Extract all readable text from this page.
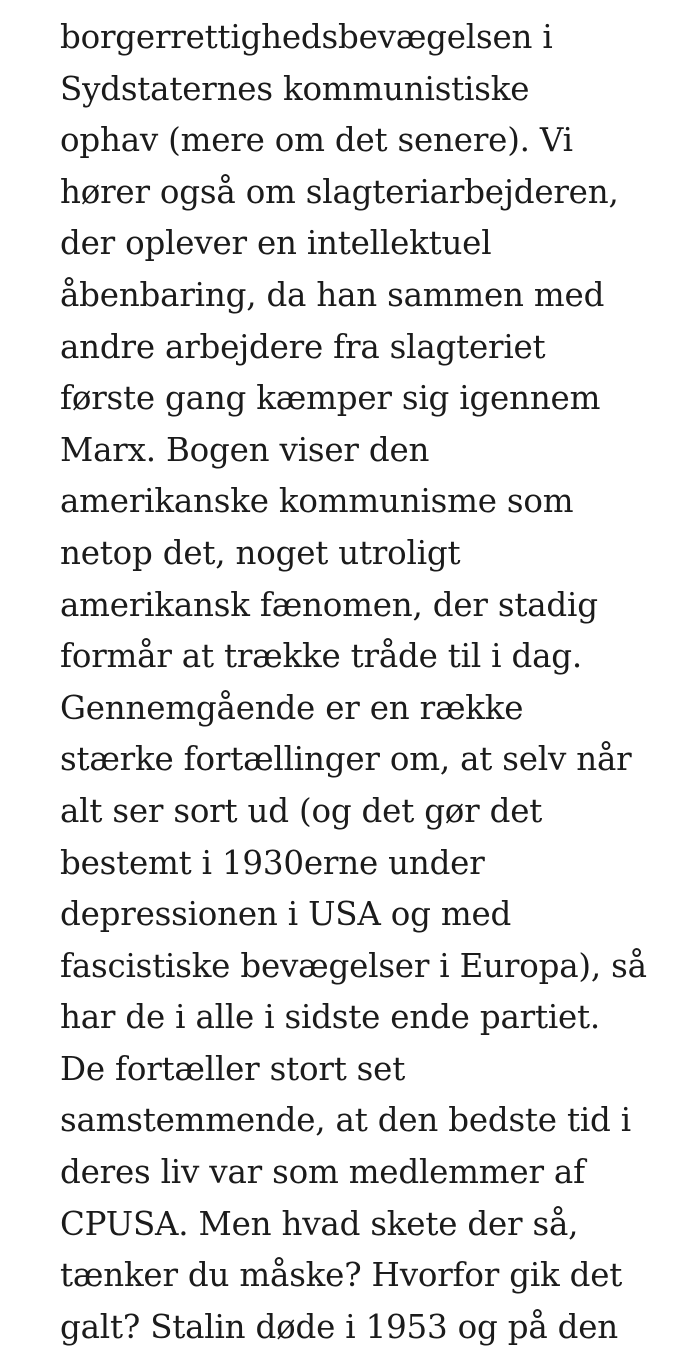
borgerrettighedsbevægelsen i
Sydstaternes kommunistiske
ophav (mere om det senere). Vi
hører også om slagteriarbejderen,
der oplever en intellektuel
åbenbaring, da han sammen med
andre arbejdere fra slagteriet
første gang kæmper sig igennem
Marx. Bogen viser den
amerikanske kommunisme som
netop det, noget utroligt
amerikansk fænomen, der stadig
formår at trække tråde til i dag.
Gennemgående er en række
stærke fortællinger om, at selv når
alt ser sort ud (og det gør det
bestemt i 1930erne under
depressionen i USA og med
fascistiske bevægelser i Europa), så
har de i alle i sidste ende partiet.
De fortæller stort set
samstemmende, at den bedste tid i
deres liv var som medlemmer af
CPUSA. Men hvad skete der så,
tænker du måske? Hvorfor gik det
galt? Stalin døde i 1953 og på den
